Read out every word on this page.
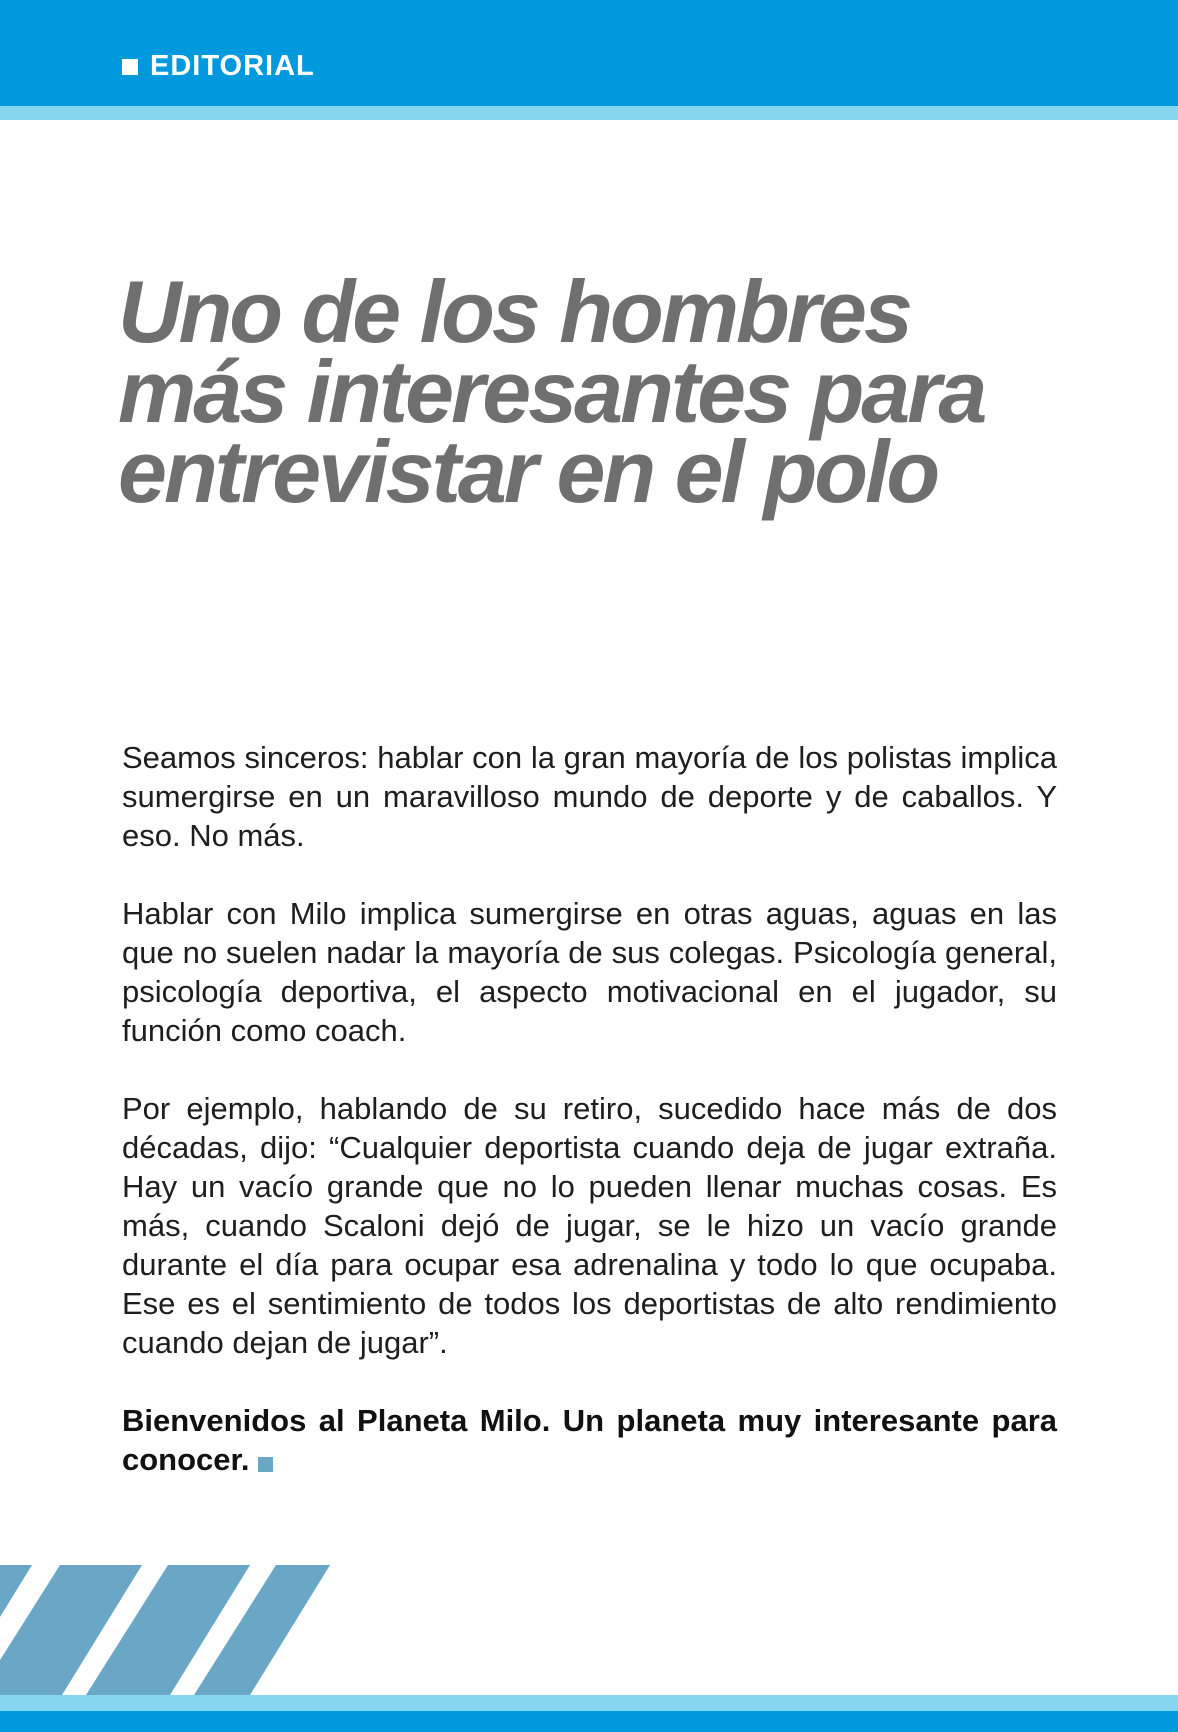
EDITORIAL
Uno de los hombres más interesantes para entrevistar en el polo

Seamos sinceros: hablar con la gran mayoría de los polistas implica sumergirse en un maravilloso mundo de deporte y de caballos. Y eso. No más.

Hablar con Milo implica sumergirse en otras aguas, aguas en las que no suelen nadar la mayoría de sus colegas. Psicología general, psicología deportiva, el aspecto motivacional en el jugador, su función como coach.

Por ejemplo, hablando de su retiro, sucedido hace más de dos décadas, dijo: “Cualquier deportista cuando deja de jugar extraña. Hay un vacío grande que no lo pueden llenar muchas cosas. Es más, cuando Scaloni dejó de jugar, se le hizo un vacío grande durante el día para ocupar esa adrenalina y todo lo que ocupaba. Ese es el sentimiento de todos los deportistas de alto rendimiento cuando dejan de jugar”.

Bienvenidos al Planeta Milo. Un planeta muy interesante para conocer.
